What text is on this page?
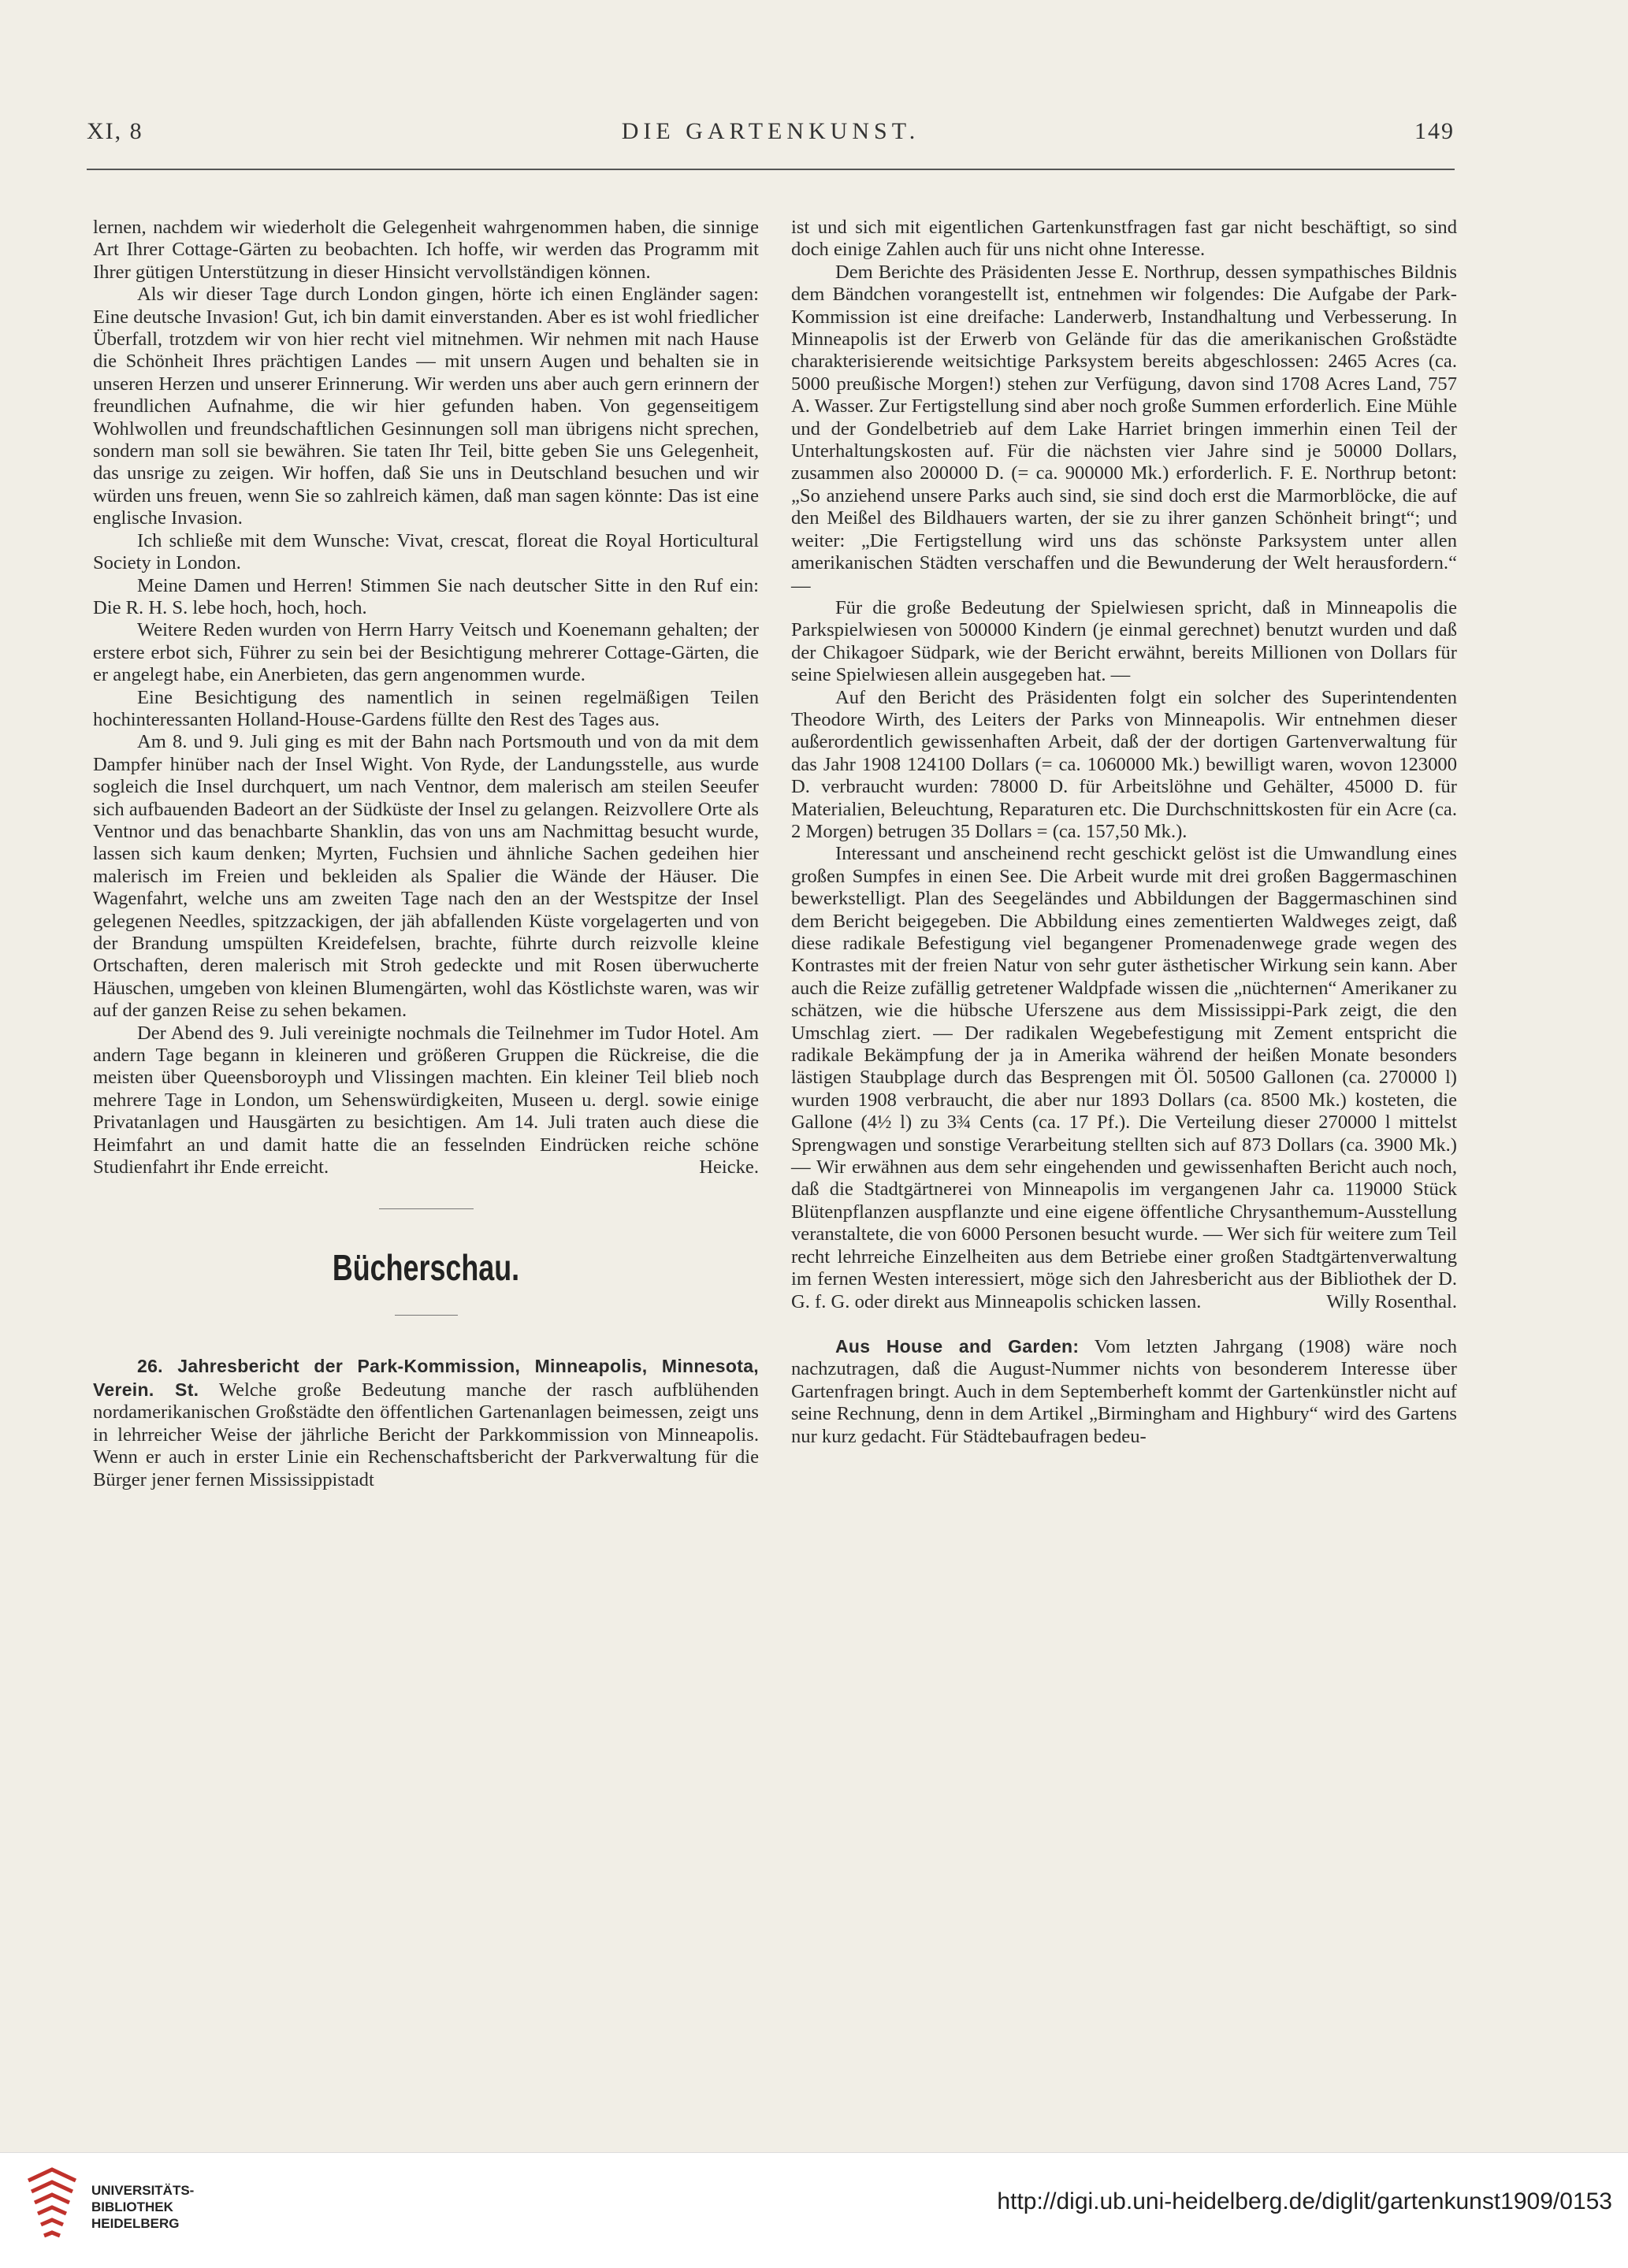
XI, 8	DIE GARTENKUNST.	149

lernen, nachdem wir wiederholt die Gelegenheit wahrgenommen haben, die sinnige Art Ihrer Cottage-Gärten zu beobachten. Ich hoffe, wir werden das Programm mit Ihrer gütigen Unterstützung in dieser Hinsicht vervollständigen können.

Als wir dieser Tage durch London gingen, hörte ich einen Engländer sagen: Eine deutsche Invasion! Gut, ich bin damit einverstanden. Aber es ist wohl friedlicher Überfall, trotzdem wir von hier recht viel mitnehmen. Wir nehmen mit nach Hause die Schönheit Ihres prächtigen Landes — mit unsern Augen und behalten sie in unseren Herzen und unserer Erinnerung. Wir werden uns aber auch gern erinnern der freundlichen Aufnahme, die wir hier gefunden haben. Von gegenseitigem Wohlwollen und freundschaftlichen Gesinnungen soll man übrigens nicht sprechen, sondern man soll sie bewähren. Sie taten Ihr Teil, bitte geben Sie uns Gelegenheit, das unsrige zu zeigen. Wir hoffen, daß Sie uns in Deutschland besuchen und wir würden uns freuen, wenn Sie so zahlreich kämen, daß man sagen könnte: Das ist eine englische Invasion.

Ich schließe mit dem Wunsche: Vivat, crescat, floreat die Royal Horticultural Society in London.

Meine Damen und Herren! Stimmen Sie nach deutscher Sitte in den Ruf ein: Die R. H. S. lebe hoch, hoch, hoch.

Weitere Reden wurden von Herrn Harry Veitsch und Koenemann gehalten; der erstere erbot sich, Führer zu sein bei der Besichtigung mehrerer Cottage-Gärten, die er angelegt habe, ein Anerbieten, das gern angenommen wurde.

Eine Besichtigung des namentlich in seinen regelmäßigen Teilen hochinteressanten Holland-House-Gardens füllte den Rest des Tages aus.

Am 8. und 9. Juli ging es mit der Bahn nach Portsmouth und von da mit dem Dampfer hinüber nach der Insel Wight. Von Ryde, der Landungsstelle, aus wurde sogleich die Insel durchquert, um nach Ventnor, dem malerisch am steilen Seeufer sich aufbauenden Badeort an der Südküste der Insel zu gelangen. Reizvollere Orte als Ventnor und das benachbarte Shanklin, das von uns am Nachmittag besucht wurde, lassen sich kaum denken; Myrten, Fuchsien und ähnliche Sachen gedeihen hier malerisch im Freien und bekleiden als Spalier die Wände der Häuser. Die Wagenfahrt, welche uns am zweiten Tage nach den an der Westspitze der Insel gelegenen Needles, spitzzackigen, der jäh abfallenden Küste vorgelagerten und von der Brandung umspülten Kreidefelsen, brachte, führte durch reizvolle kleine Ortschaften, deren malerisch mit Stroh gedeckte und mit Rosen überwucherte Häuschen, umgeben von kleinen Blumengärten, wohl das Köstlichste waren, was wir auf der ganzen Reise zu sehen bekamen.

Der Abend des 9. Juli vereinigte nochmals die Teilnehmer im Tudor Hotel. Am andern Tage begann in kleineren und größeren Gruppen die Rückreise, die die meisten über Queensboroyph und Vlissingen machten. Ein kleiner Teil blieb noch mehrere Tage in London, um Sehenswürdigkeiten, Museen u. dergl. sowie einige Privatanlagen und Hausgärten zu besichtigen. Am 14. Juli traten auch diese die Heimfahrt an und damit hatte die an fesselnden Eindrücken reiche schöne Studienfahrt ihr Ende erreicht.	Heicke.

Bücherschau.

26. Jahresbericht der Park-Kommission, Minneapolis, Minnesota, Verein. St. Welche große Bedeutung manche der rasch aufblühenden nordamerikanischen Großstädte den öffentlichen Gartenanlagen beimessen, zeigt uns in lehrreicher Weise der jährliche Bericht der Parkkommission von Minneapolis. Wenn er auch in erster Linie ein Rechenschaftsbericht der Parkverwaltung für die Bürger jener fernen Mississippistadt

ist und sich mit eigentlichen Gartenkunstfragen fast gar nicht beschäftigt, so sind doch einige Zahlen auch für uns nicht ohne Interesse.

Dem Berichte des Präsidenten Jesse E. Northrup, dessen sympathisches Bildnis dem Bändchen vorangestellt ist, entnehmen wir folgendes: Die Aufgabe der Park-Kommission ist eine dreifache: Landerwerb, Instandhaltung und Verbesserung. In Minneapolis ist der Erwerb von Gelände für das die amerikanischen Großstädte charakterisierende weitsichtige Parksystem bereits abgeschlossen: 2465 Acres (ca. 5000 preußische Morgen!) stehen zur Verfügung, davon sind 1708 Acres Land, 757 A. Wasser. Zur Fertigstellung sind aber noch große Summen erforderlich. Eine Mühle und der Gondelbetrieb auf dem Lake Harriet bringen immerhin einen Teil der Unterhaltungskosten auf. Für die nächsten vier Jahre sind je 50000 Dollars, zusammen also 200000 D. (= ca. 900000 Mk.) erforderlich. F. E. Northrup betont: „So anziehend unsere Parks auch sind, sie sind doch erst die Marmorblöcke, die auf den Meißel des Bildhauers warten, der sie zu ihrer ganzen Schönheit bringt“; und weiter: „Die Fertigstellung wird uns das schönste Parksystem unter allen amerikanischen Städten verschaffen und die Bewunderung der Welt herausfordern.“ —

Für die große Bedeutung der Spielwiesen spricht, daß in Minneapolis die Parkspielwiesen von 500000 Kindern (je einmal gerechnet) benutzt wurden und daß der Chikagoer Südpark, wie der Bericht erwähnt, bereits Millionen von Dollars für seine Spielwiesen allein ausgegeben hat. —

Auf den Bericht des Präsidenten folgt ein solcher des Superintendenten Theodore Wirth, des Leiters der Parks von Minneapolis. Wir entnehmen dieser außerordentlich gewissenhaften Arbeit, daß der der dortigen Gartenverwaltung für das Jahr 1908 124100 Dollars (= ca. 1060000 Mk.) bewilligt waren, wovon 123000 D. verbraucht wurden: 78000 D. für Arbeitslöhne und Gehälter, 45000 D. für Materialien, Beleuchtung, Reparaturen etc. Die Durchschnittskosten für ein Acre (ca. 2 Morgen) betrugen 35 Dollars = (ca. 157,50 Mk.).

Interessant und anscheinend recht geschickt gelöst ist die Umwandlung eines großen Sumpfes in einen See. Die Arbeit wurde mit drei großen Baggermaschinen bewerkstelligt. Plan des Seegeländes und Abbildungen der Baggermaschinen sind dem Bericht beigegeben. Die Abbildung eines zementierten Waldweges zeigt, daß diese radikale Befestigung viel begangener Promenadenwege grade wegen des Kontrastes mit der freien Natur von sehr guter ästhetischer Wirkung sein kann. Aber auch die Reize zufällig getretener Waldpfade wissen die „nüchternen“ Amerikaner zu schätzen, wie die hübsche Uferszene aus dem Mississippi-Park zeigt, die den Umschlag ziert. — Der radikalen Wegebefestigung mit Zement entspricht die radikale Bekämpfung der ja in Amerika während der heißen Monate besonders lästigen Staubplage durch das Besprengen mit Öl. 50500 Gallonen (ca. 270000 l) wurden 1908 verbraucht, die aber nur 1893 Dollars (ca. 8500 Mk.) kosteten, die Gallone (4½ l) zu 3¾ Cents (ca. 17 Pf.). Die Verteilung dieser 270000 l mittelst Sprengwagen und sonstige Verarbeitung stellten sich auf 873 Dollars (ca. 3900 Mk.) — Wir erwähnen aus dem sehr eingehenden und gewissenhaften Bericht auch noch, daß die Stadtgärtnerei von Minneapolis im vergangenen Jahr ca. 119000 Stück Blütenpflanzen auspflanzte und eine eigene öffentliche Chrysanthemum-Ausstellung veranstaltete, die von 6000 Personen besucht wurde. — Wer sich für weitere zum Teil recht lehrreiche Einzelheiten aus dem Betriebe einer großen Stadtgärtenverwaltung im fernen Westen interessiert, möge sich den Jahresbericht aus der Bibliothek der D. G. f. G. oder direkt aus Minneapolis schicken lassen.	Willy Rosenthal.

Aus House and Garden: Vom letzten Jahrgang (1908) wäre noch nachzutragen, daß die August-Nummer nichts von besonderem Interesse über Gartenfragen bringt. Auch in dem Septemberheft kommt der Gartenkünstler nicht auf seine Rechnung, denn in dem Artikel „Birmingham and Highbury“ wird des Gartens nur kurz gedacht. Für Städtebaufragen bedeu-

UNIVERSITÄTS-
BIBLIOTHEK
HEIDELBERG
http://digi.ub.uni-heidelberg.de/diglit/gartenkunst1909/0153
